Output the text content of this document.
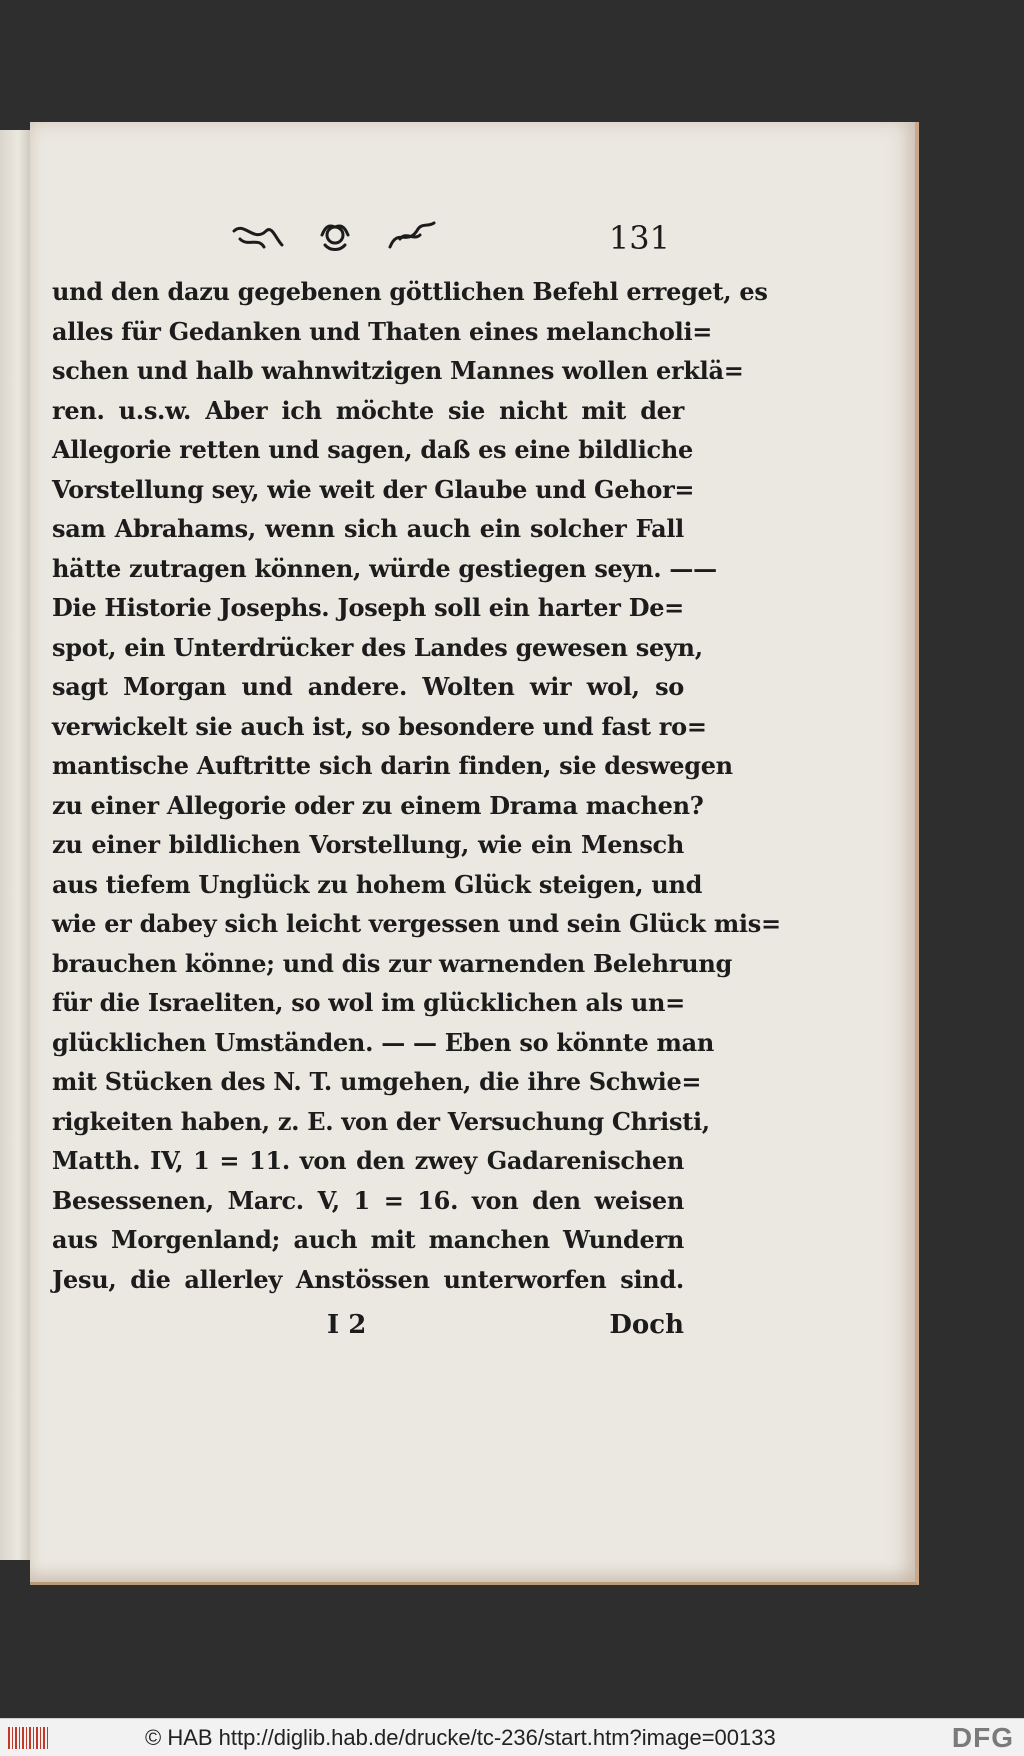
131
und den dazu gegebenen göttlichen Befehl erreget, es
alles für Gedanken und Thaten eines melancholi=
schen und halb wahnwitzigen Mannes wollen erklä=
ren. u.s.w. Aber ich möchte sie nicht mit der
Allegorie retten und sagen, daß es eine bildliche
Vorstellung sey, wie weit der Glaube und Gehor=
sam Abrahams, wenn sich auch ein solcher Fall
hätte zutragen können, würde gestiegen seyn. ——
Die Historie Josephs. Joseph soll ein harter De=
spot, ein Unterdrücker des Landes gewesen seyn,
sagt Morgan und andere. Wolten wir wol, so
verwickelt sie auch ist, so besondere und fast ro=
mantische Auftritte sich darin finden, sie deswegen
zu einer Allegorie oder zu einem Drama machen?
zu einer bildlichen Vorstellung, wie ein Mensch
aus tiefem Unglück zu hohem Glück steigen, und
wie er dabey sich leicht vergessen und sein Glück mis=
brauchen könne; und dis zur warnenden Belehrung
für die Israeliten, so wol im glücklichen als un=
glücklichen Umständen. — — Eben so könnte man
mit Stücken des N. T. umgehen, die ihre Schwie=
rigkeiten haben, z. E. von der Versuchung Christi,
Matth. IV, 1 = 11. von den zwey Gadarenischen
Besessenen, Marc. V, 1 = 16. von den weisen
aus Morgenland; auch mit manchen Wundern
Jesu, die allerley Anstössen unterworfen sind.
I 2	Doch
© HAB http://diglib.hab.de/drucke/tc-236/start.htm?image=00133	DFG
